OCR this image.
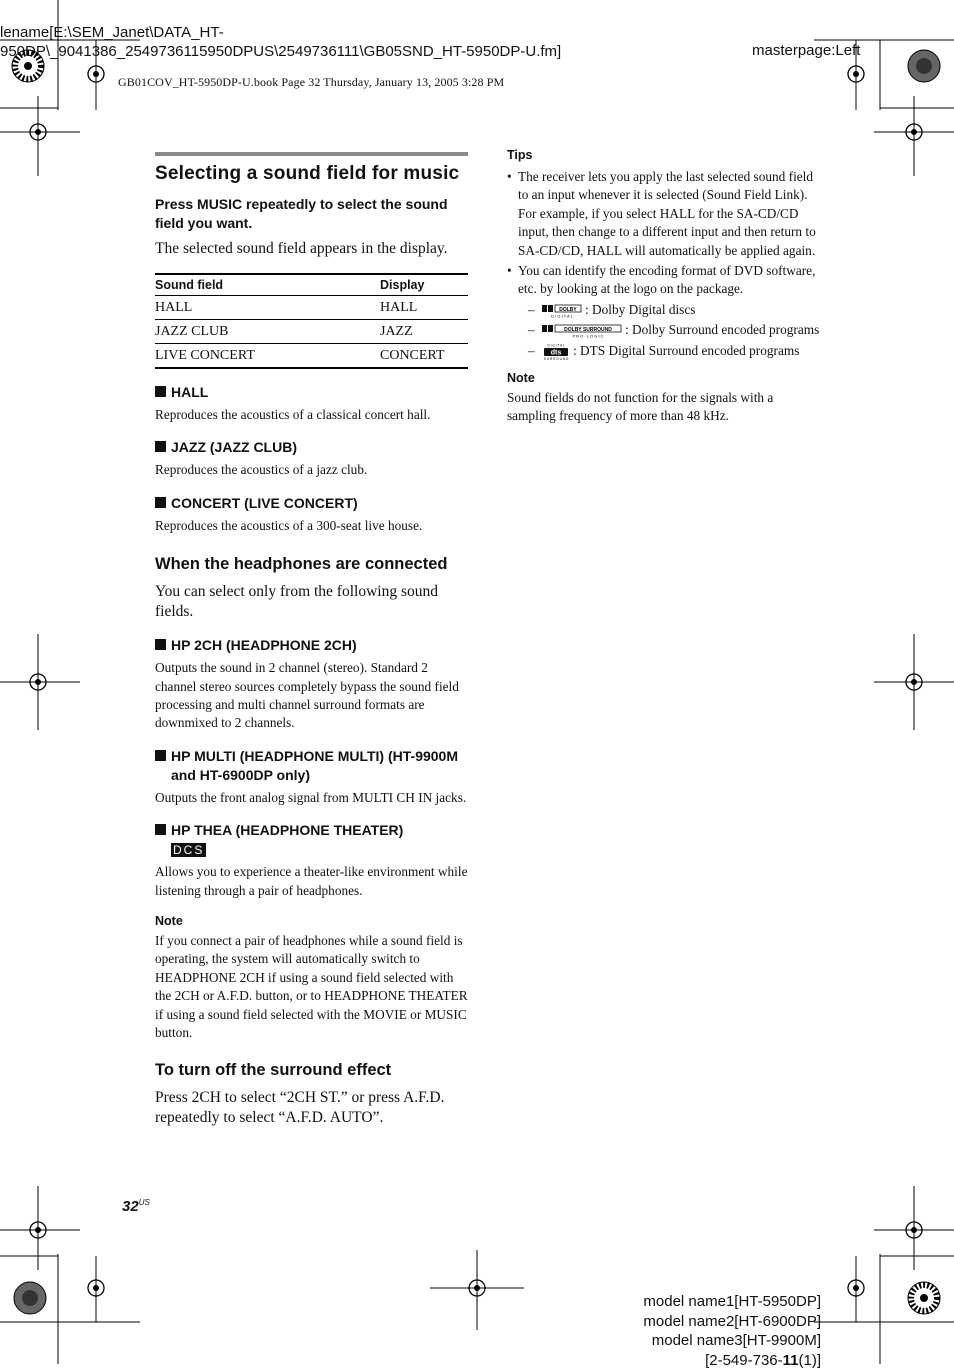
lename[E:\SEM_Janet\DATA_HT-
950DP\_9041386_2549736115950DPUS\2549736111\GB05SND_HT-5950DP-U.fm]	masterpage:Left
GB01COV_HT-5950DP-U.book Page 32 Thursday, January 13, 2005 3:28 PM
Selecting a sound field for music

Press MUSIC repeatedly to select the sound field you want.

The selected sound field appears in the display.

Sound field	Display
HALL	HALL
JAZZ CLUB	JAZZ
LIVE CONCERT	CONCERT
HALL

Reproduces the acoustics of a classical concert hall.

JAZZ (JAZZ CLUB)

Reproduces the acoustics of a jazz club.

CONCERT (LIVE CONCERT)

Reproduces the acoustics of a 300-seat live house.

When the headphones are connected

You can select only from the following sound fields.

HP 2CH (HEADPHONE 2CH)

Outputs the sound in 2 channel (stereo). Standard 2 channel stereo sources completely bypass the sound field processing and multi channel surround formats are downmixed to 2 channels.

HP MULTI (HEADPHONE MULTI) (HT-9900M and HT-6900DP only)

Outputs the front analog signal from MULTI CH IN jacks.

HP THEA (HEADPHONE THEATER)
DCS

Allows you to experience a theater-like environment while listening through a pair of headphones.

Note

If you connect a pair of headphones while a sound field is operating, the system will automatically switch to HEADPHONE 2CH if using a sound field selected with the 2CH or A.F.D. button, or to HEADPHONE THEATER if using a sound field selected with the MOVIE or MUSIC button.

To turn off the surround effect

Press 2CH to select “2CH ST.” or press A.F.D. repeatedly to select “A.F.D. AUTO”.

Tips
• The receiver lets you apply the last selected sound field to an input whenever it is selected (Sound Field Link). For example, if you select HALL for the SA-CD/CD input, then change to a different input and then return to SA-CD/CD, HALL will automatically be applied again.
• You can identify the encoding format of DVD software, etc. by looking at the logo on the package.
–	DOLBY
D I G I T A L : Dolby Digital discs
–	DOLBY SURROUND
P R O · L O G I C : Dolby Surround encoded programs
–	D I G I T A L
dts
S U R R O U N D
: DTS Digital Surround encoded programs
Note

Sound fields do not function for the signals with a sampling frequency of more than 48 kHz.

$32^{US}$
model name1[HT-5950DP]
model name2[HT-6900DP]
model name3[HT-9900M]
[2-549-736-11(1)]
